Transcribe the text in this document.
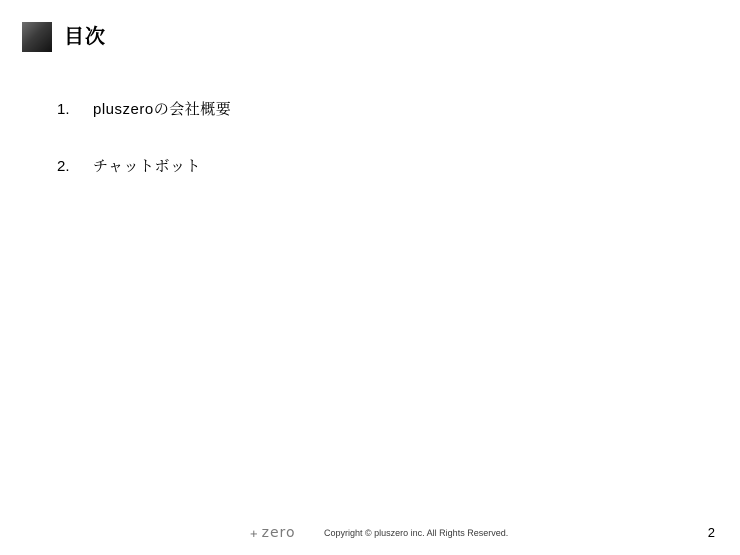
目次
1.	pluszeroの会社概要
2.	チャットボット
+ zero	Copyright © pluszero inc. All Rights Reserved.	2
